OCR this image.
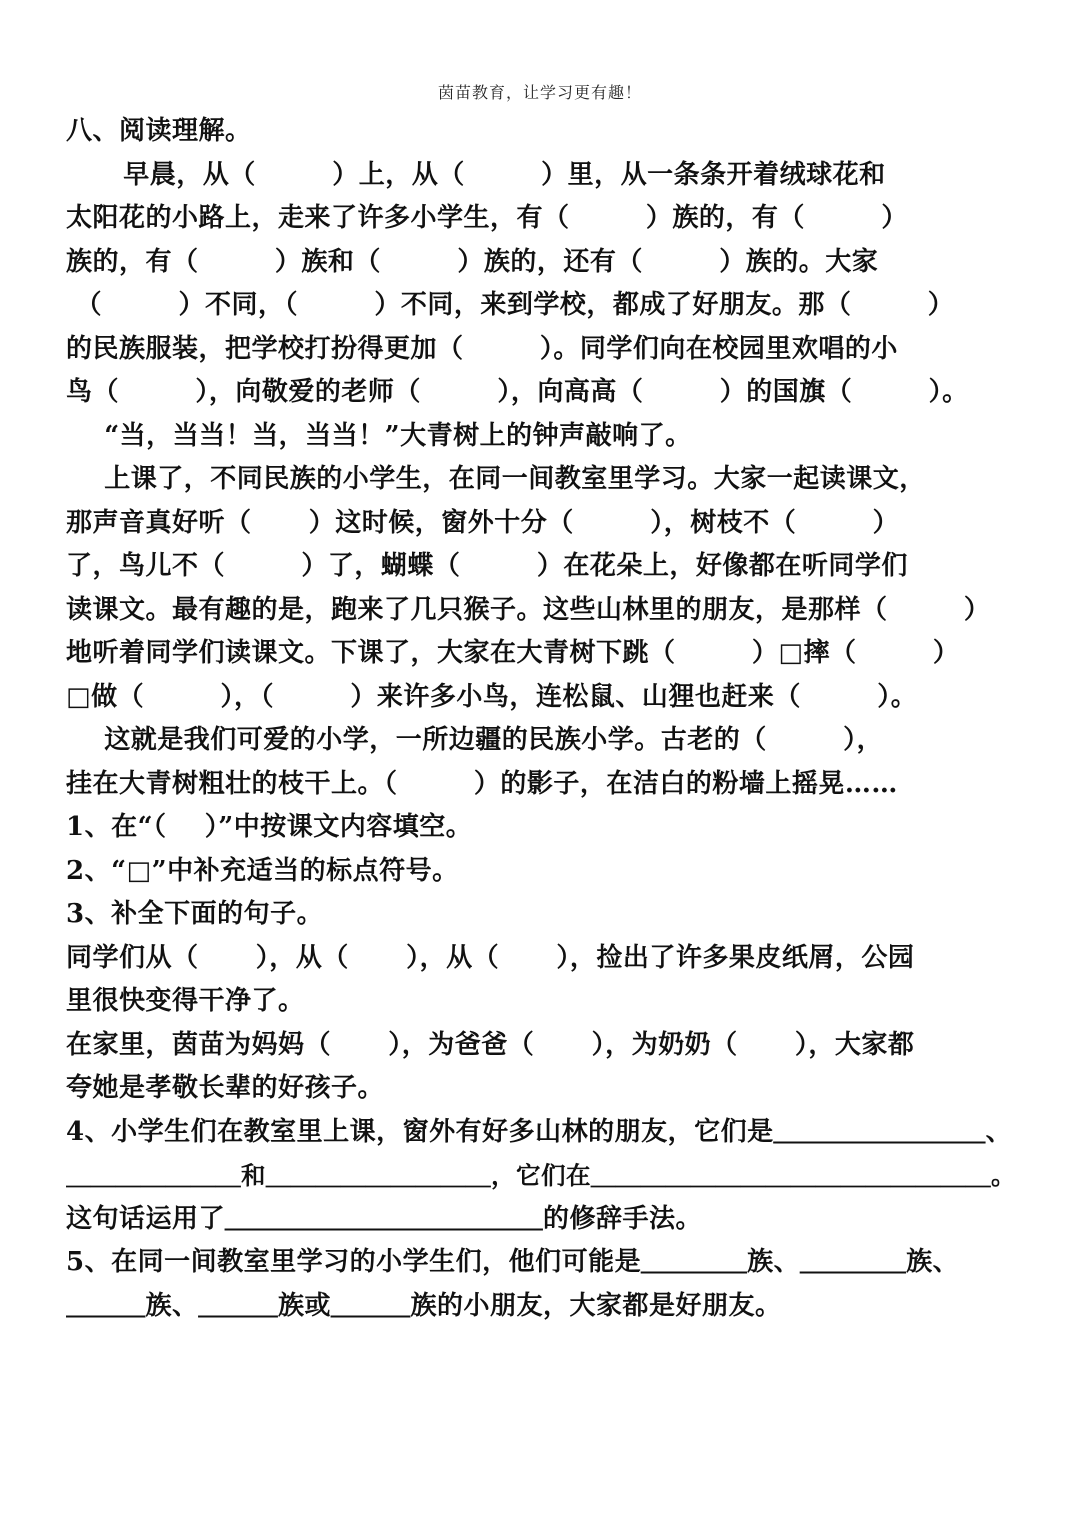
茵苗教育，让学习更有趣！
八、阅读理解。
早晨，从（        ）上，从（        ）里，从一条条开着绒球花和
太阳花的小路上，走来了许多小学生，有（        ）族的，有（        ）
族的，有（        ）族和（        ）族的，还有（        ）族的。大家
（        ）不同，（        ）不同，来到学校，都成了好朋友。那（        ）
的民族服装，把学校打扮得更加（        ）。同学们向在校园里欢唱的小
鸟（        ），向敬爱的老师（        ），向高高（        ）的国旗（        ）。
“当，当当！当，当当！”大青树上的钟声敲响了。
上课了，不同民族的小学生，在同一间教室里学习。大家一起读课文，
那声音真好听（      ）这时候，窗外十分（        ），树枝不（        ）
了，鸟儿不（        ）了，蝴蝶（        ）在花朵上，好像都在听同学们
读课文。最有趣的是，跑来了几只猴子。这些山林里的朋友，是那样（        ）
地听着同学们读课文。下课了，大家在大青树下跳（        ）□摔（        ）
□做（        ），（        ）来许多小鸟，连松鼠、山狸也赶来（        ）。
这就是我们可爱的小学，一所边疆的民族小学。古老的（        ），
挂在大青树粗壮的枝干上。（        ）的影子，在洁白的粉墙上摇晃……
1、在“（    ）”中按课文内容填空。
2、“□”中补充适当的标点符号。
3、补全下面的句子。
同学们从（      ），从（      ），从（      ），捡出了许多果皮纸屑，公园
里很快变得干净了。
在家里，茵苗为妈妈（      ），为爸爸（      ），为奶奶（      ），大家都
夸她是孝敬长辈的好孩子。
4、小学生们在教室里上课，窗外有好多山林的朋友，它们是＿＿＿＿＿＿＿＿、
＿＿＿＿＿＿＿和＿＿＿＿＿＿＿＿＿，它们在＿＿＿＿＿＿＿＿＿＿＿＿＿＿＿＿。
这句话运用了＿＿＿＿＿＿＿＿＿＿＿＿的修辞手法。
5、在同一间教室里学习的小学生们，他们可能是＿＿＿＿族、＿＿＿＿族、
＿＿＿族、＿＿＿族或＿＿＿族的小朋友，大家都是好朋友。
